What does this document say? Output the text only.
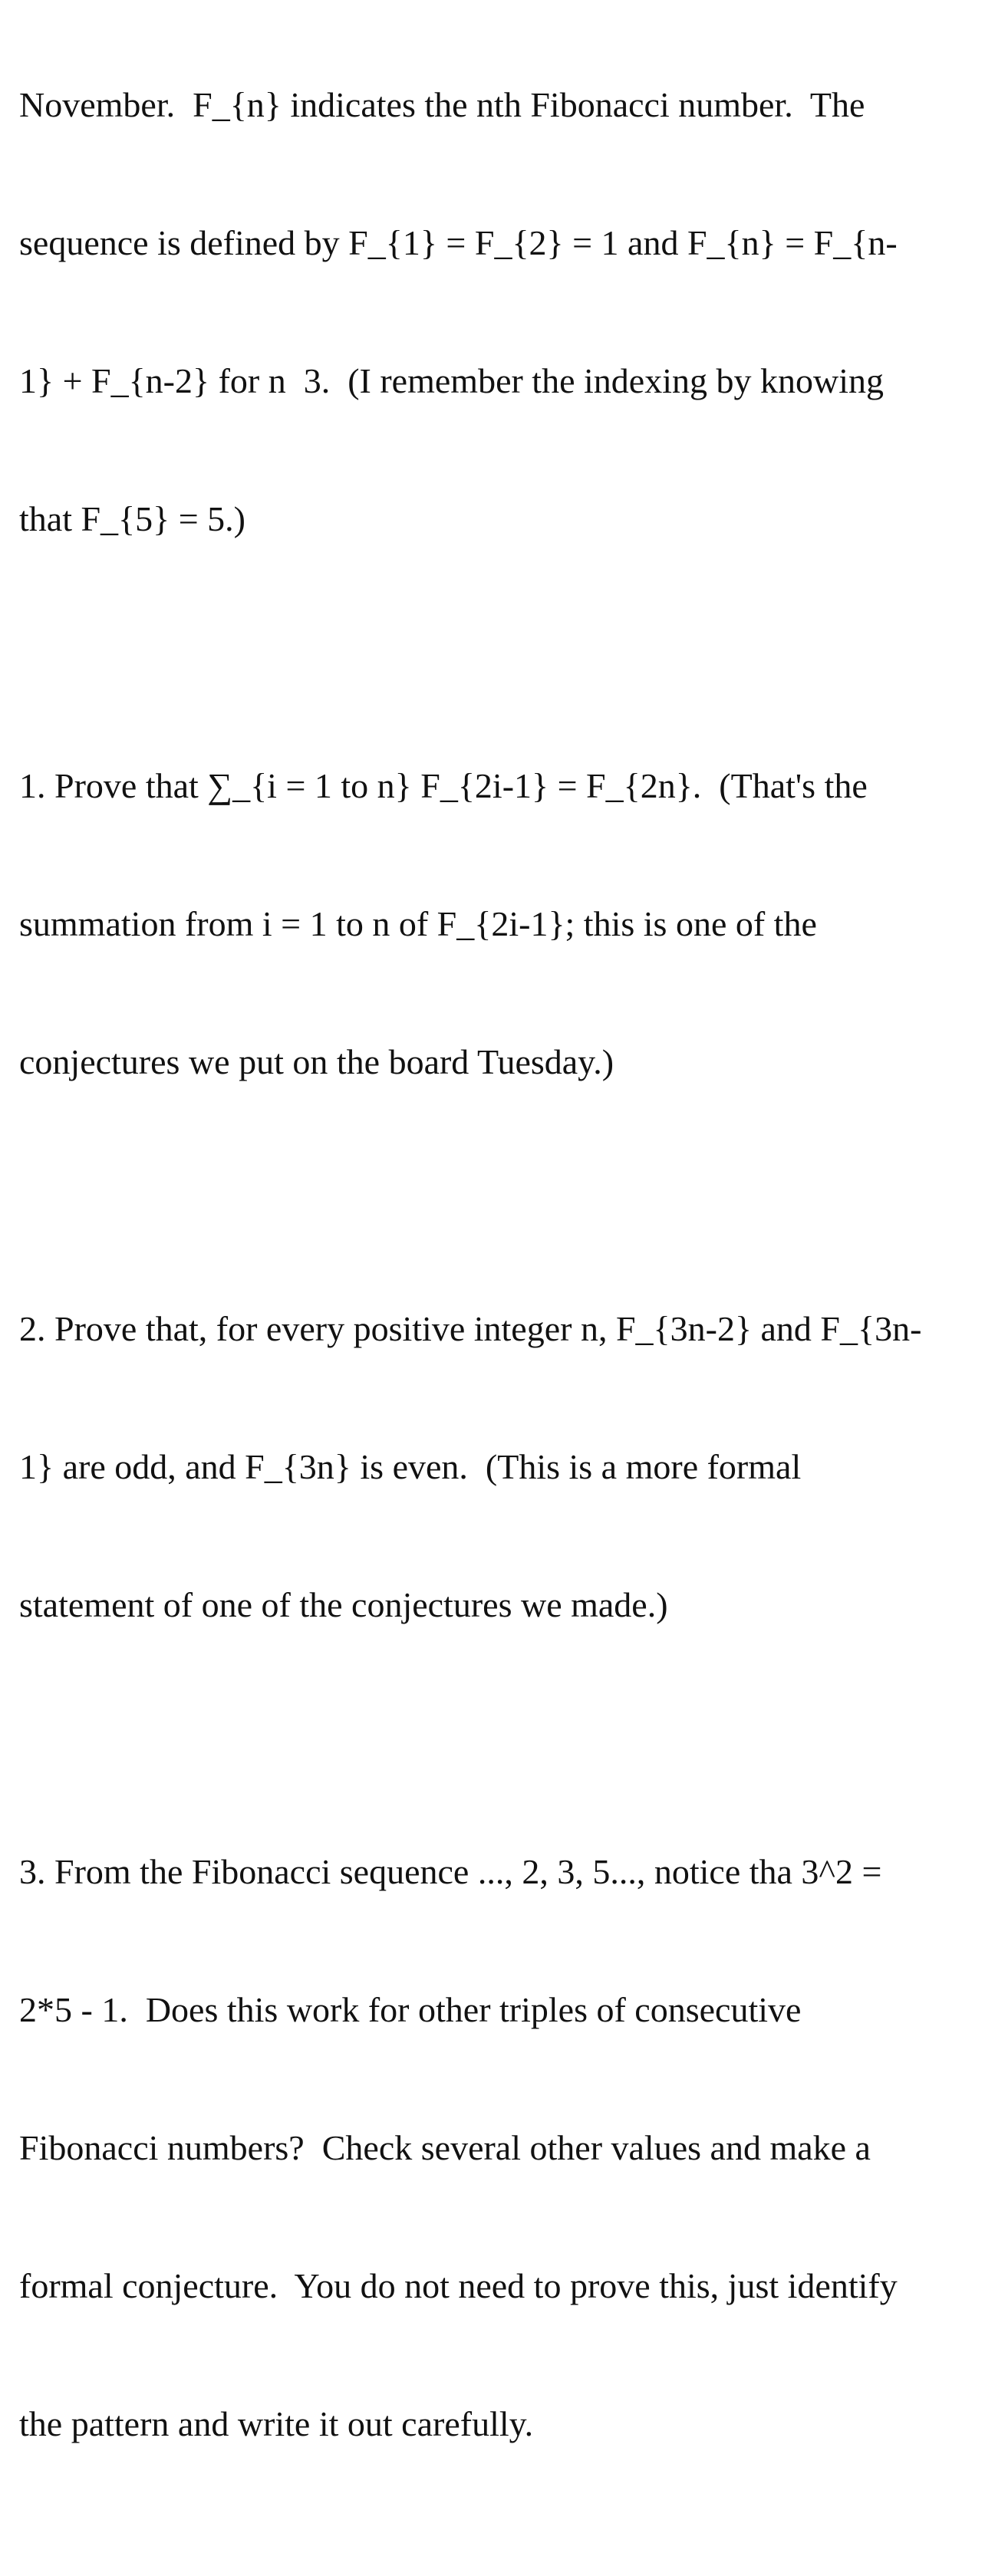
November.  F_{n} indicates the nth Fibonacci number.  The

sequence is defined by F_{1} = F_{2} = 1 and F_{n} = F_{n-

1} + F_{n-2} for n  3.  (I remember the indexing by knowing

that F_{5} = 5.)

1. Prove that ∑_{i = 1 to n} F_{2i-1} = F_{2n}.  (That's the

summation from i = 1 to n of F_{2i-1}; this is one of the

conjectures we put on the board Tuesday.)

2. Prove that, for every positive integer n, F_{3n-2} and F_{3n-

1} are odd, and F_{3n} is even.  (This is a more formal

statement of one of the conjectures we made.)

3. From the Fibonacci sequence ..., 2, 3, 5..., notice tha 3^2 =

2*5 - 1.  Does this work for other triples of consecutive

Fibonacci numbers?  Check several other values and make a

formal conjecture.  You do not need to prove this, just identify

the pattern and write it out carefully.
